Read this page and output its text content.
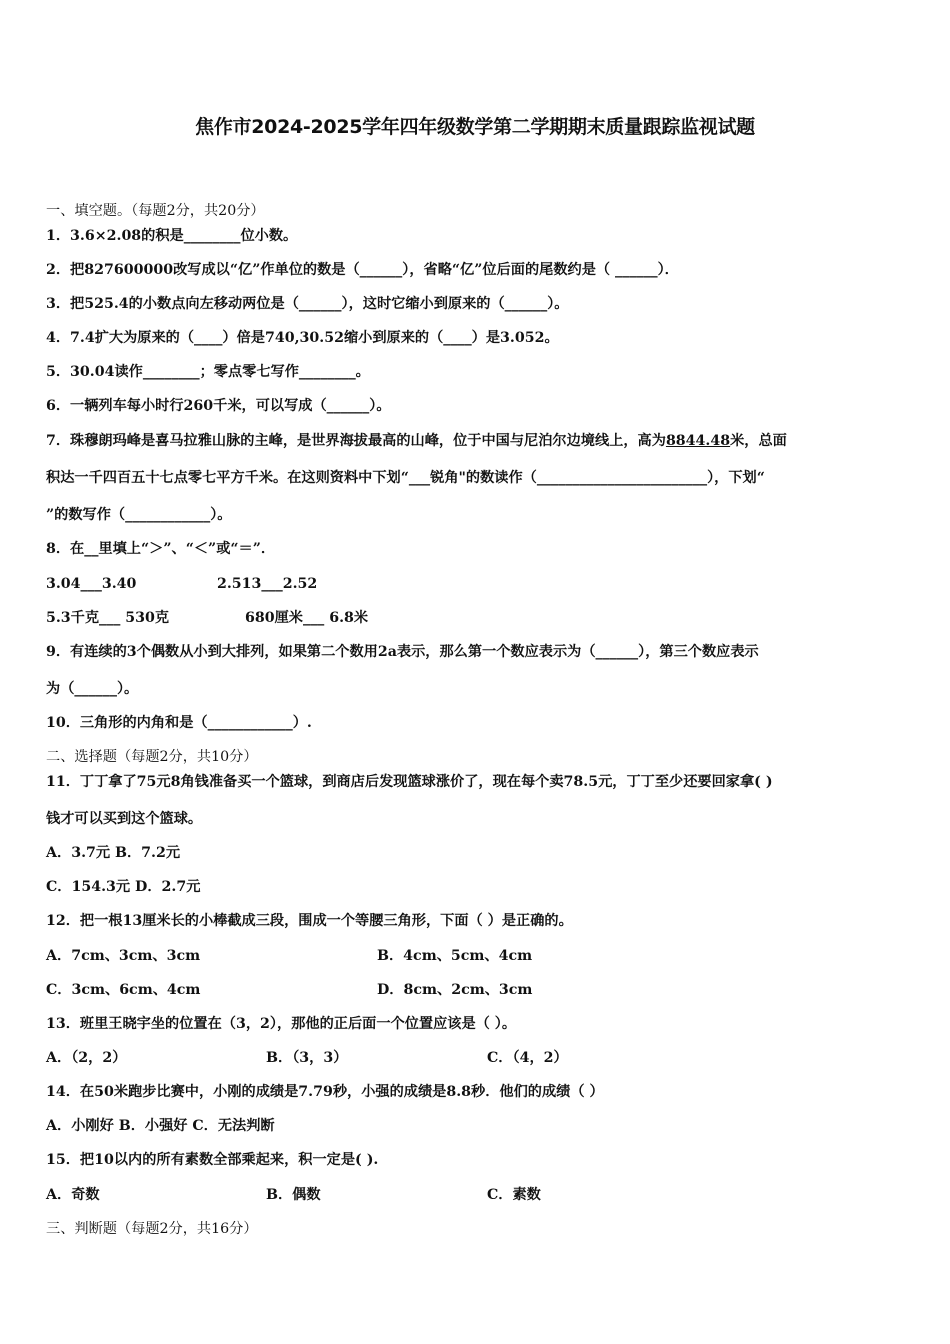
焦作市2024-2025学年四年级数学第二学期期末质量跟踪监视试题
一、填空题。（每题2分，共20分）
1．3.6×2.08的积是________位小数。
2．把827600000改写成以“亿”作单位的数是（______），省略“亿”位后面的尾数约是（ ______）．
3．把525.4的小数点向左移动两位是（______），这时它缩小到原来的（______）。
4．7.4扩大为原来的（____）倍是740,30.52缩小到原来的（____）是3.052。
5．30.04读作________；零点零七写作________。
6．一辆列车每小时行260千米，可以写成（______）。
7．珠穆朗玛峰是喜马拉雅山脉的主峰，是世界海拔最高的山峰，位于中国与尼泊尔边境线上，高为8844.48米，总面
积达一千四百五十七点零七平方千米。在这则资料中下划“___锐角"的数读作（________________________），下划“
”的数写作（____________）。
8．在__里填上“＞”、“＜”或“＝”．
3.04___3.40	2.513___2.52
5.3千克___ 530克	680厘米___ 6.8米
9．有连续的3个偶数从小到大排列，如果第二个数用2a表示，那么第一个数应表示为（______），第三个数应表示
为（______）。
10．三角形的内角和是（____________）.
二、选择题（每题2分，共10分）
11．丁丁拿了75元8角钱准备买一个篮球，到商店后发现篮球涨价了，现在每个卖78.5元，丁丁至少还要回家拿( )
钱才可以买到这个篮球。
A．3.7元 B．7.2元
C．154.3元 D．2.7元
12．把一根13厘米长的小棒截成三段，围成一个等腰三角形，下面（ ）是正确的。
A．7cm、3cm、3cm	B．4cm、5cm、4cm
C．3cm、6cm、4cm	D．8cm、2cm、3cm
13．班里王晓宇坐的位置在（3，2），那他的正后面一个位置应该是（ ）。
A．（2，2）	B．（3，3）	C．（4，2）
14．在50米跑步比赛中，小刚的成绩是7.79秒，小强的成绩是8.8秒．他们的成绩（ ）
A．小刚好 B．小强好 C．无法判断
15．把10以内的所有素数全部乘起来，积一定是( ).
A．奇数	B．偶数	C．素数
三、判断题（每题2分，共16分）
